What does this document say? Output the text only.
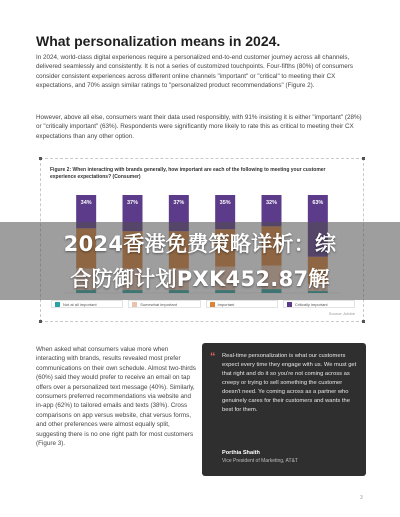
What personalization means in 2024.

In 2024, world-class digital experiences require a personalized end-to-end customer journey across all channels, delivered seamlessly and consistently. It is not a series of customized touchpoints. Four-fifths (80%) of consumers consider consistent experiences across different online channels "important" or "critical" to meeting their CX expectations, and 70% assign similar ratings to "personalized product recommendations" (Figure 2).

However, above all else, consumers want their data used responsibly, with 91% insisting it is either "important" (28%) or "critically important" (63%). Respondents were significantly more likely to rate this as critical to meeting their CX expectations than any other option.

Figure 2: When interacting with brands generally, how important are each of the following to meeting your customer experience expectations? (Consumer)
34%	37%	37%	35%	32%	63%
Not at all important	Somewhat important	Important	Critically important
Source: Adobe
2024香港免费策略详析：综
合防御计划PXK452.87解

When asked what consumers value more when interacting with brands, results revealed most prefer communications on their own schedule. Almost two-thirds (60%) said they would prefer to receive an email on tap offers over a personalized text message (40%). Similarly, consumers preferred recommendations via website and in-app (62%) to tailored emails and texts (38%). Cross comparisons on app versus website, chat versus forms, and other preferences were almost equally split, suggesting there is no one right path for most customers (Figure 3).

“	Real-time personalization is what our customers expect every time they engage with us. We must get that right and do it so you're not coming across as creepy or trying to sell something the customer doesn't need. Ye coming across as a partner who genuinely cares for their customers and wants the best for them.

Porthia Shaith
Vice President of Marketing, AT&T
3
